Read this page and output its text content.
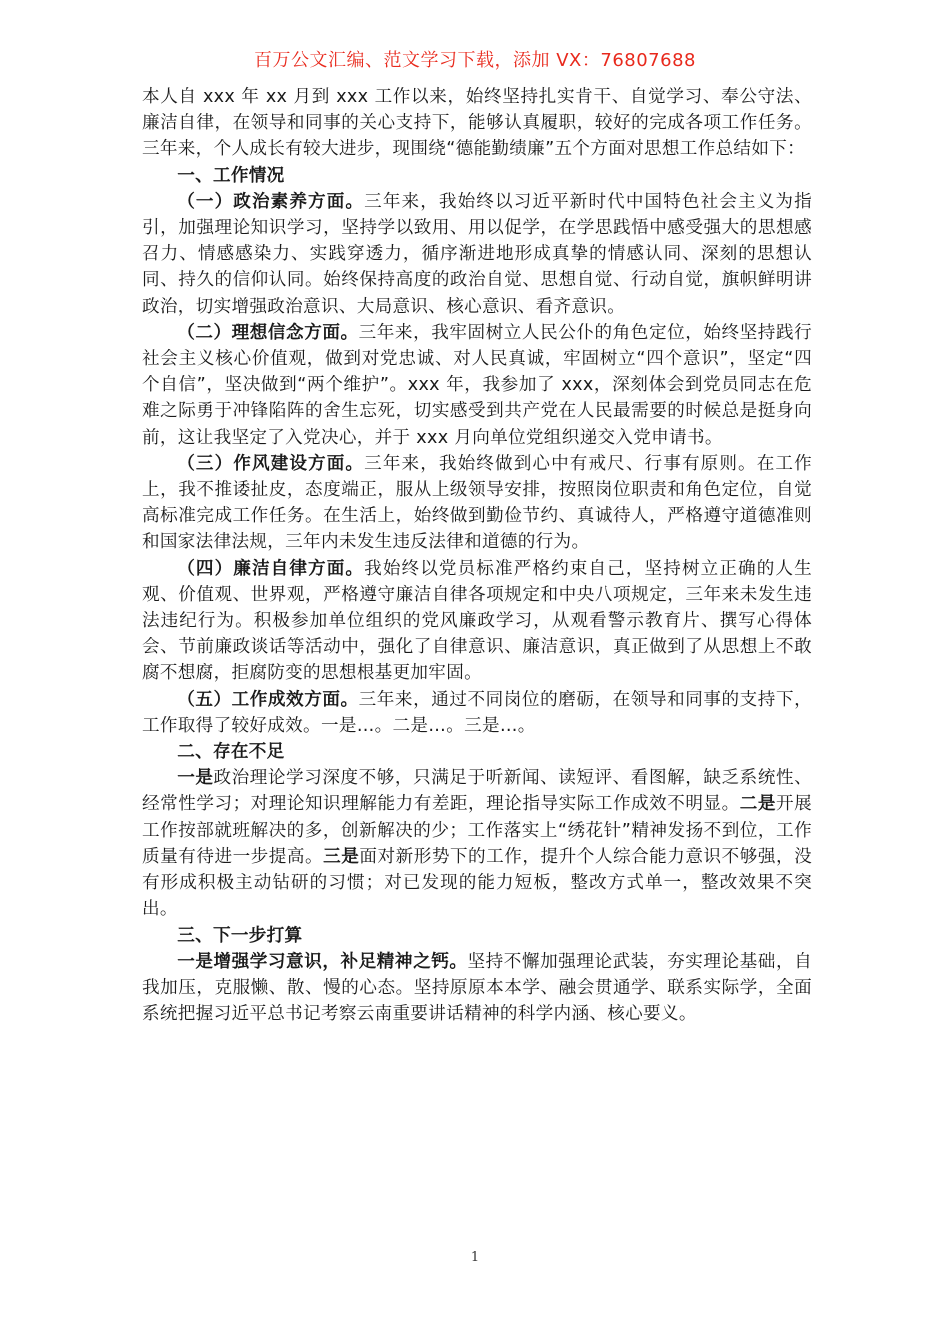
百万公文汇编、范文学习下载，添加 VX：76807688

本人自 xxx 年 xx 月到 xxx 工作以来，始终坚持扎实肯干、自觉学习、奉公守法、廉洁自律，在领导和同事的关心支持下，能够认真履职，较好的完成各项工作任务。三年来，个人成长有较大进步，现围绕“德能勤绩廉”五个方面对思想工作总结如下：

一、工作情况

（一）政治素养方面。三年来，我始终以习近平新时代中国特色社会主义为指引，加强理论知识学习，坚持学以致用、用以促学，在学思践悟中感受强大的思想感召力、情感感染力、实践穿透力，循序渐进地形成真挚的情感认同、深刻的思想认同、持久的信仰认同。始终保持高度的政治自觉、思想自觉、行动自觉，旗帜鲜明讲政治，切实增强政治意识、大局意识、核心意识、看齐意识。

（二）理想信念方面。三年来，我牢固树立人民公仆的角色定位，始终坚持践行社会主义核心价值观，做到对党忠诚、对人民真诚，牢固树立“四个意识”，坚定“四个自信”，坚决做到“两个维护”。xxx 年，我参加了 xxx，深刻体会到党员同志在危难之际勇于冲锋陷阵的舍生忘死，切实感受到共产党在人民最需要的时候总是挺身向前，这让我坚定了入党决心，并于 xxx 月向单位党组织递交入党申请书。

（三）作风建设方面。三年来，我始终做到心中有戒尺、行事有原则。在工作上，我不推诿扯皮，态度端正，服从上级领导安排，按照岗位职责和角色定位，自觉高标准完成工作任务。在生活上，始终做到勤俭节约、真诚待人，严格遵守道德准则和国家法律法规，三年内未发生违反法律和道德的行为。

（四）廉洁自律方面。我始终以党员标准严格约束自己，坚持树立正确的人生观、价值观、世界观，严格遵守廉洁自律各项规定和中央八项规定，三年来未发生违法违纪行为。积极参加单位组织的党风廉政学习，从观看警示教育片、撰写心得体会、节前廉政谈话等活动中，强化了自律意识、廉洁意识，真正做到了从思想上不敢腐不想腐，拒腐防变的思想根基更加牢固。

（五）工作成效方面。三年来，通过不同岗位的磨砺，在领导和同事的支持下，工作取得了较好成效。一是…。二是…。三是…。

二、存在不足

一是政治理论学习深度不够，只满足于听新闻、读短评、看图解，缺乏系统性、经常性学习；对理论知识理解能力有差距，理论指导实际工作成效不明显。二是开展工作按部就班解决的多，创新解决的少；工作落实上“绣花针”精神发扬不到位，工作质量有待进一步提高。三是面对新形势下的工作，提升个人综合能力意识不够强，没有形成积极主动钻研的习惯；对已发现的能力短板，整改方式单一，整改效果不突出。

三、下一步打算

一是增强学习意识，补足精神之钙。坚持不懈加强理论武装，夯实理论基础，自我加压，克服懒、散、慢的心态。坚持原原本本学、融会贯通学、联系实际学，全面系统把握习近平总书记考察云南重要讲话精神的科学内涵、核心要义。

1
